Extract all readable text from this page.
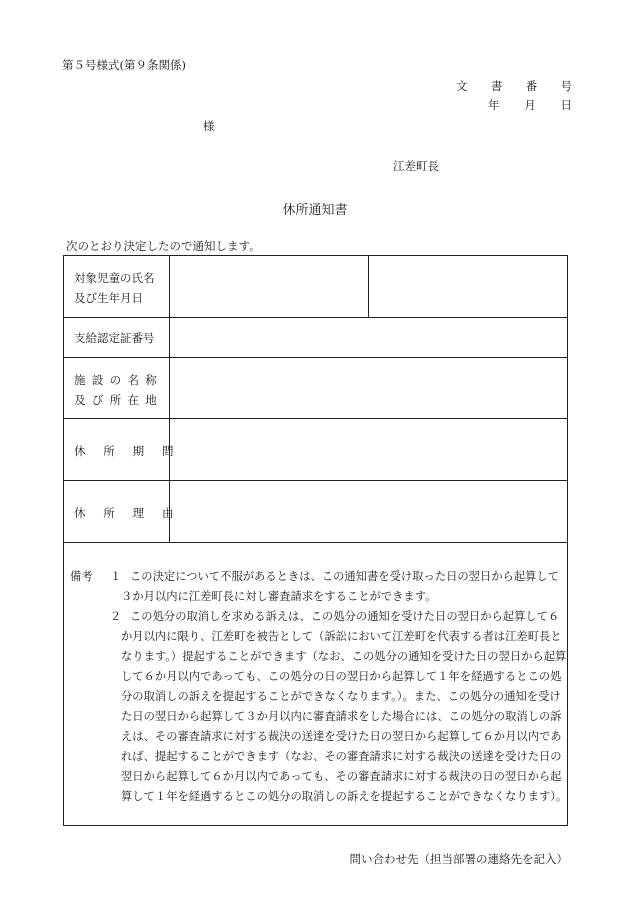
第５号様式(第９条関係)
文 書 番 号
年 月 日
様
江差町長
休所通知書
次のとおり決定したので通知します。
対象児童の氏名
及び生年月日
支給認定証番号
施設の名称
及び所在地
休所期間
休所理由
備考 １ この決定について不服があるときは、この通知書を受け取った日の翌日から起算して
３か月以内に江差町長に対し審査請求をすることができます。
２ この処分の取消しを求める訴えは、この処分の通知を受けた日の翌日から起算して６
か月以内に限り、江差町を被告として（訴訟において江差町を代表する者は江差町長と
なります。）提起することができます（なお、この処分の通知を受けた日の翌日から起算
して６か月以内であっても、この処分の日の翌日から起算して１年を経過するとこの処
分の取消しの訴えを提起することができなくなります。）。また、この処分の通知を受け
た日の翌日から起算して３か月以内に審査請求をした場合には、この処分の取消しの訴
えは、その審査請求に対する裁決の送達を受けた日の翌日から起算して６か月以内であ
れば、提起することができます（なお、その審査請求に対する裁決の送達を受けた日の
翌日から起算して６か月以内であっても、その審査請求に対する裁決の日の翌日から起
算して１年を経過するとこの処分の取消しの訴えを提起することができなくなります）。
問い合わせ先（担当部署の連絡先を記入）
